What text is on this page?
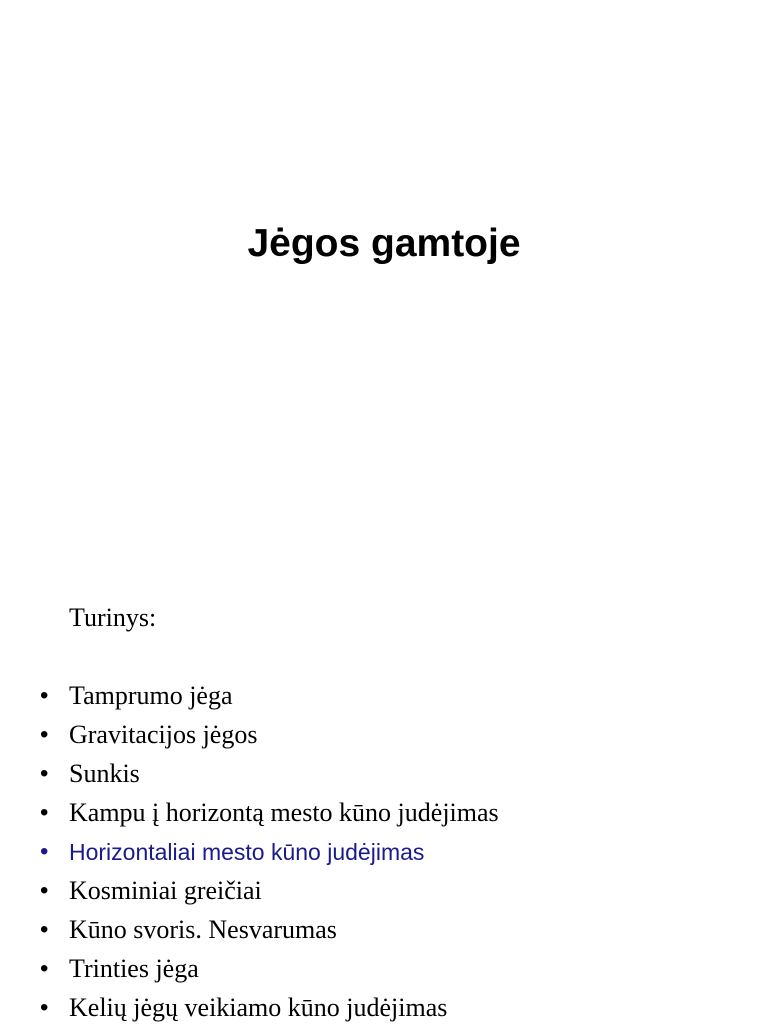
Jėgos gamtoje

Turinys:

• Tamprumo jėga
• Gravitacijos jėgos
• Sunkis
• Kampu į horizontą mesto kūno judėjimas
• Horizontaliai mesto kūno judėjimas
• Kosminiai greičiai
• Kūno svoris. Nesvarumas
• Trinties jėga
• Kelių jėgų veikiamo kūno judėjimas
